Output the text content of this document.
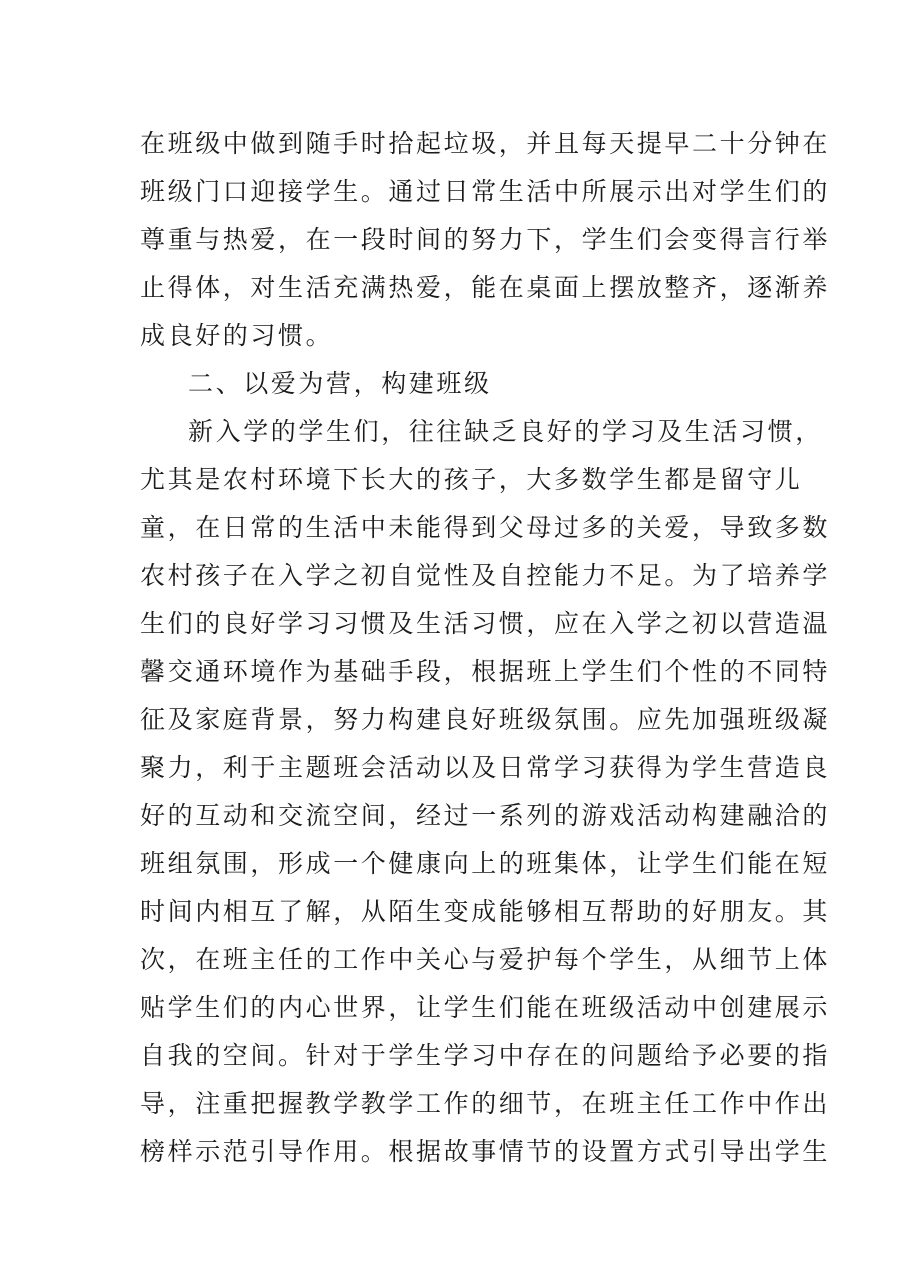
在班级中做到随手时拾起垃圾，并且每天提早二十分钟在
班级门口迎接学生。通过日常生活中所展示出对学生们的
尊重与热爱，在一段时间的努力下，学生们会变得言行举
止得体，对生活充满热爱，能在桌面上摆放整齐，逐渐养
成良好的习惯。
二、以爱为营，构建班级
新入学的学生们，往往缺乏良好的学习及生活习惯，
尤其是农村环境下长大的孩子，大多数学生都是留守儿
童，在日常的生活中未能得到父母过多的关爱，导致多数
农村孩子在入学之初自觉性及自控能力不足。为了培养学
生们的良好学习习惯及生活习惯，应在入学之初以营造温
馨交通环境作为基础手段，根据班上学生们个性的不同特
征及家庭背景，努力构建良好班级氛围。应先加强班级凝
聚力，利于主题班会活动以及日常学习获得为学生营造良
好的互动和交流空间，经过一系列的游戏活动构建融洽的
班组氛围，形成一个健康向上的班集体，让学生们能在短
时间内相互了解，从陌生变成能够相互帮助的好朋友。其
次，在班主任的工作中关心与爱护每个学生，从细节上体
贴学生们的内心世界，让学生们能在班级活动中创建展示
自我的空间。针对于学生学习中存在的问题给予必要的指
导，注重把握教学教学工作的细节，在班主任工作中作出
榜样示范引导作用。根据故事情节的设置方式引导出学生
